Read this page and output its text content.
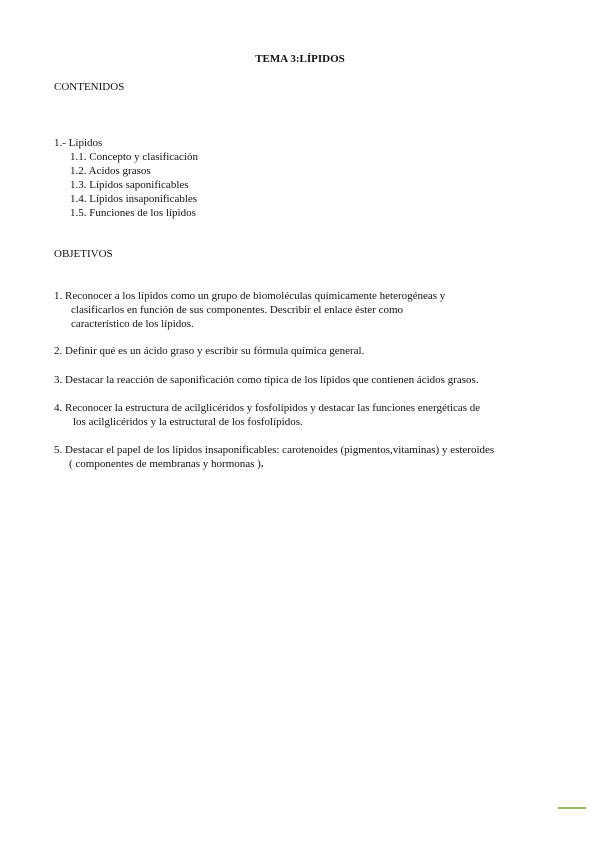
TEMA 3:LÍPIDOS
CONTENIDOS
1.- Lípidos
1.1. Concepto y clasificación
1.2. Acidos grasos
1.3. Lípidos saponificables
1.4. Lípidos insaponificables
1.5. Funciones de los lípidos
OBJETIVOS
1. Reconocer a los lípidos como un grupo de biomoléculas químicamente heterogéneas y
clasificarlos en función de sus componentes. Describir el enlace éster como
característico de los lípidos.
2. Definir qué es un ácido graso y escribir su fórmula química general.
3. Destacar la reacción de saponificación como típica de los lípidos que contienen ácidos grasos.
4. Reconocer la estructura de acilglicéridos y fosfolípidos y destacar las funciones energéticas de
los acilglicéridos y la estructural de los fosfolípidos.
5. Destacar el papel de los lípidos insaponificables: carotenoides (pigmentos,vitaminas) y esteroides
( componentes de membranas y hormonas ).
